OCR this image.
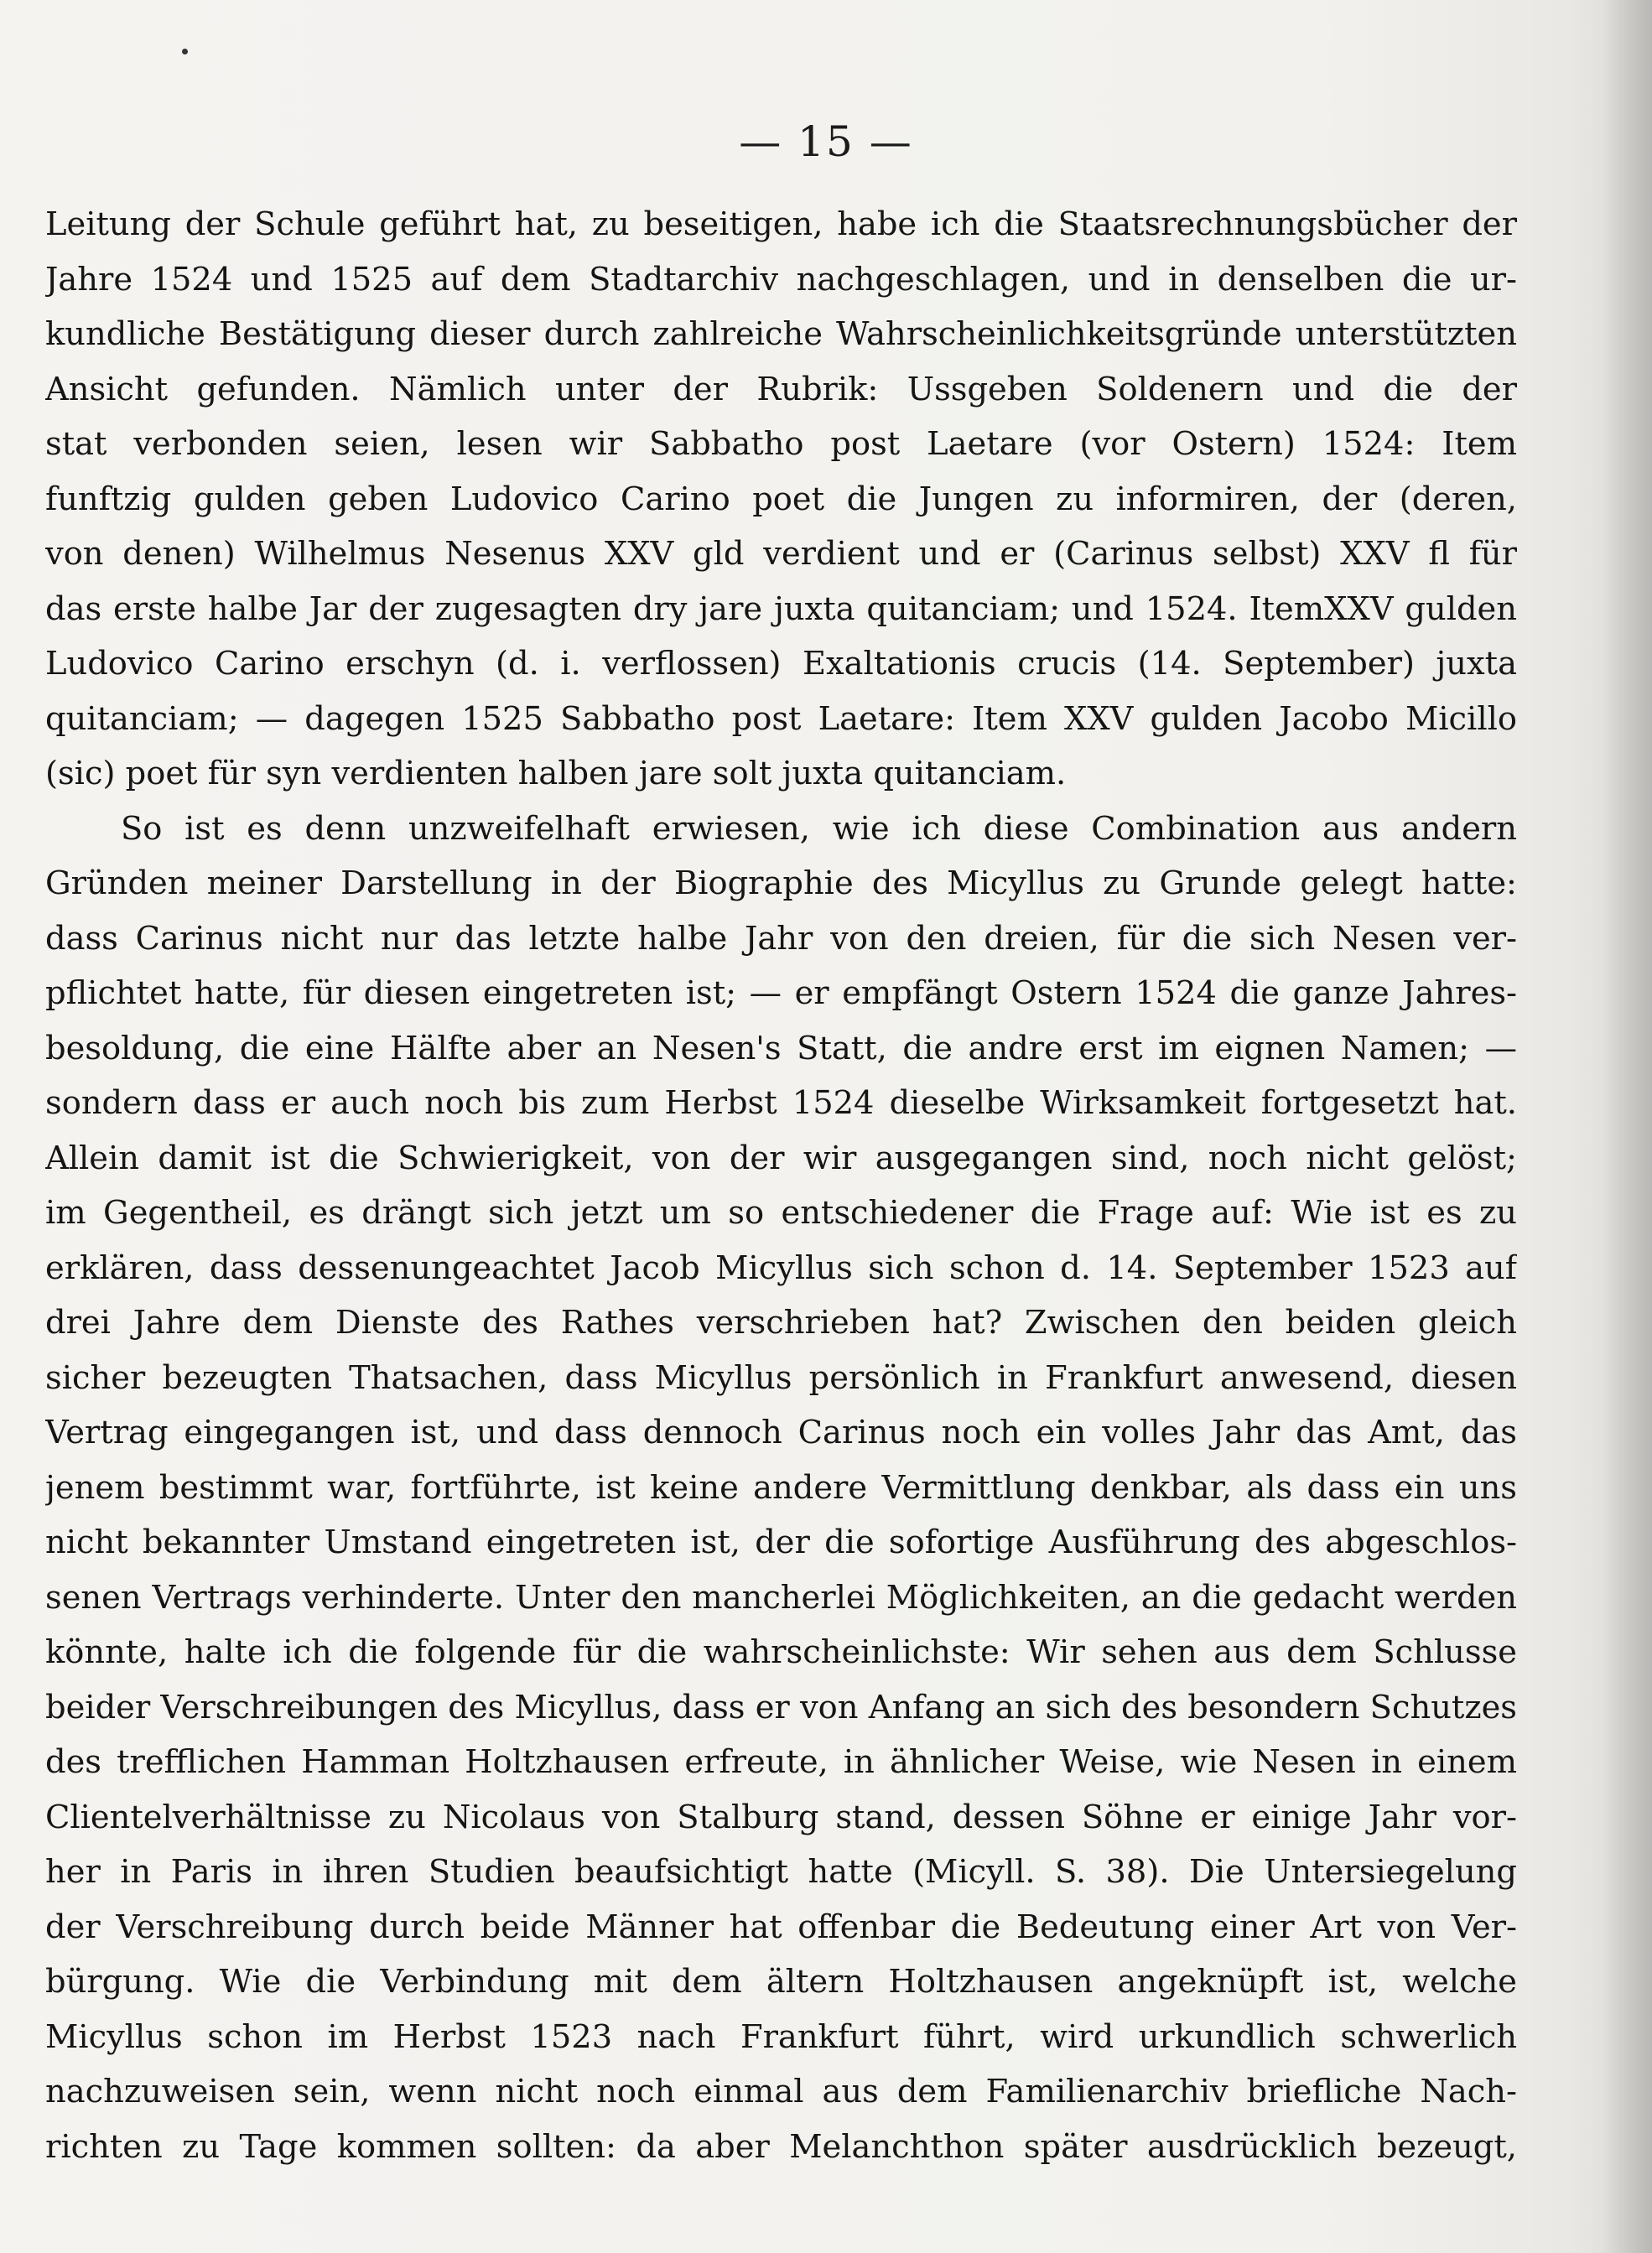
— 15 —
Leitung der Schule geführt hat, zu beseitigen, habe ich die Staatsrechnungsbücher der
Jahre 1524 und 1525 auf dem Stadtarchiv nachgeschlagen, und in denselben die ur-
kundliche Bestätigung dieser durch zahlreiche Wahrscheinlichkeitsgründe unterstützten
Ansicht gefunden. Nämlich unter der Rubrik: Ussgeben Soldenern und die der
stat verbonden seien, lesen wir Sabbatho post Laetare (vor Ostern) 1524: Item
funftzig gulden geben Ludovico Carino poet die Jungen zu informiren, der (deren,
von denen) Wilhelmus Nesenus XXV gld verdient und er (Carinus selbst) XXV fl für
das erste halbe Jar der zugesagten dry jare juxta quitanciam; und 1524. ItemXXV gulden
Ludovico Carino erschyn (d. i. verflossen) Exaltationis crucis (14. September) juxta
quitanciam; — dagegen 1525 Sabbatho post Laetare: Item XXV gulden Jacobo Micillo
(sic) poet für syn verdienten halben jare solt juxta quitanciam.
So ist es denn unzweifelhaft erwiesen, wie ich diese Combination aus andern
Gründen meiner Darstellung in der Biographie des Micyllus zu Grunde gelegt hatte:
dass Carinus nicht nur das letzte halbe Jahr von den dreien, für die sich Nesen ver-
pflichtet hatte, für diesen eingetreten ist; — er empfängt Ostern 1524 die ganze Jahres-
besoldung, die eine Hälfte aber an Nesen's Statt, die andre erst im eignen Namen; —
sondern dass er auch noch bis zum Herbst 1524 dieselbe Wirksamkeit fortgesetzt hat.
Allein damit ist die Schwierigkeit, von der wir ausgegangen sind, noch nicht gelöst;
im Gegentheil, es drängt sich jetzt um so entschiedener die Frage auf: Wie ist es zu
erklären, dass dessenungeachtet Jacob Micyllus sich schon d. 14. September 1523 auf
drei Jahre dem Dienste des Rathes verschrieben hat? Zwischen den beiden gleich
sicher bezeugten Thatsachen, dass Micyllus persönlich in Frankfurt anwesend, diesen
Vertrag eingegangen ist, und dass dennoch Carinus noch ein volles Jahr das Amt, das
jenem bestimmt war, fortführte, ist keine andere Vermittlung denkbar, als dass ein uns
nicht bekannter Umstand eingetreten ist, der die sofortige Ausführung des abgeschlos-
senen Vertrags verhinderte. Unter den mancherlei Möglichkeiten, an die gedacht werden
könnte, halte ich die folgende für die wahrscheinlichste: Wir sehen aus dem Schlusse
beider Verschreibungen des Micyllus, dass er von Anfang an sich des besondern Schutzes
des trefflichen Hamman Holtzhausen erfreute, in ähnlicher Weise, wie Nesen in einem
Clientelverhältnisse zu Nicolaus von Stalburg stand, dessen Söhne er einige Jahr vor-
her in Paris in ihren Studien beaufsichtigt hatte (Micyll. S. 38). Die Untersiegelung
der Verschreibung durch beide Männer hat offenbar die Bedeutung einer Art von Ver-
bürgung. Wie die Verbindung mit dem ältern Holtzhausen angeknüpft ist, welche
Micyllus schon im Herbst 1523 nach Frankfurt führt, wird urkundlich schwerlich
nachzuweisen sein, wenn nicht noch einmal aus dem Familienarchiv briefliche Nach-
richten zu Tage kommen sollten: da aber Melanchthon später ausdrücklich bezeugt,
